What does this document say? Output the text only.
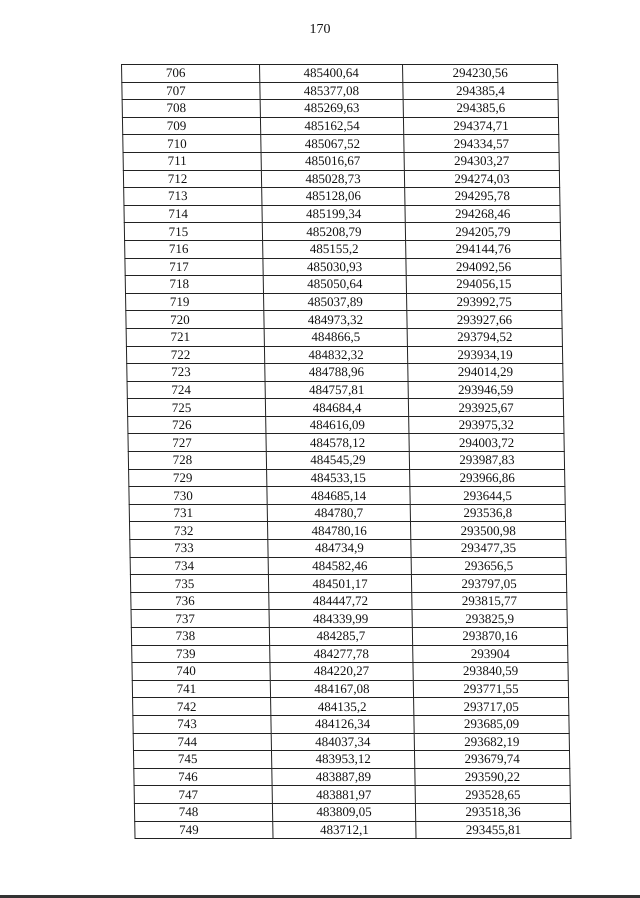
170
706	485400,64	294230,56
707	485377,08	294385,4
708	485269,63	294385,6
709	485162,54	294374,71
710	485067,52	294334,57
711	485016,67	294303,27
712	485028,73	294274,03
713	485128,06	294295,78
714	485199,34	294268,46
715	485208,79	294205,79
716	485155,2	294144,76
717	485030,93	294092,56
718	485050,64	294056,15
719	485037,89	293992,75
720	484973,32	293927,66
721	484866,5	293794,52
722	484832,32	293934,19
723	484788,96	294014,29
724	484757,81	293946,59
725	484684,4	293925,67
726	484616,09	293975,32
727	484578,12	294003,72
728	484545,29	293987,83
729	484533,15	293966,86
730	484685,14	293644,5
731	484780,7	293536,8
732	484780,16	293500,98
733	484734,9	293477,35
734	484582,46	293656,5
735	484501,17	293797,05
736	484447,72	293815,77
737	484339,99	293825,9
738	484285,7	293870,16
739	484277,78	293904
740	484220,27	293840,59
741	484167,08	293771,55
742	484135,2	293717,05
743	484126,34	293685,09
744	484037,34	293682,19
745	483953,12	293679,74
746	483887,89	293590,22
747	483881,97	293528,65
748	483809,05	293518,36
749	483712,1	293455,81
